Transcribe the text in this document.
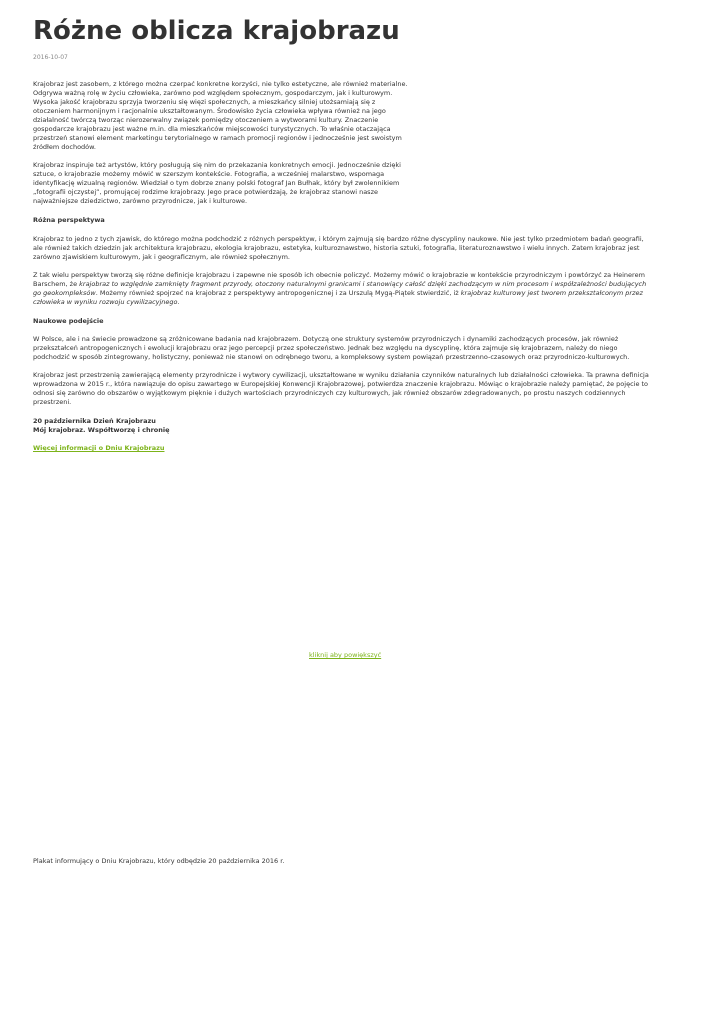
Różne oblicza krajobrazu
2016-10-07

Krajobraz jest zasobem, z którego można czerpać konkretne korzyści, nie tylko estetyczne, ale również materialne. Odgrywa ważną rolę w życiu człowieka, zarówno pod względem społecznym, gospodarczym, jak i kulturowym. Wysoka jakość krajobrazu sprzyja tworzeniu się więzi społecznych, a mieszkańcy silniej utożsamiają się z otoczeniem harmonijnym i racjonalnie ukształtowanym. Środowisko życia człowieka wpływa również na jego działalność twórczą tworząc nierozerwalny związek pomiędzy otoczeniem a wytworami kultury. Znaczenie gospodarcze krajobrazu jest ważne m.in. dla mieszkańców miejscowości turystycznych. To właśnie otaczająca przestrzeń stanowi element marketingu terytorialnego w ramach promocji regionów i jednocześnie jest swoistym źródłem dochodów.

Krajobraz inspiruje też artystów, który posługują się nim do przekazania konkretnych emocji. Jednocześnie dzięki sztuce, o krajobrazie możemy mówić w szerszym kontekście. Fotografia, a wcześniej malarstwo, wspomaga identyfikację wizualną regionów. Wiedział o tym dobrze znany polski fotograf Jan Bułhak, który był zwolennikiem „fotografii ojczystej”, promującej rodzime krajobrazy. Jego prace potwierdzają, że krajobraz stanowi nasze najważniejsze dziedzictwo, zarówno przyrodnicze, jak i kulturowe.

Różna perspektywa

Krajobraz to jedno z tych zjawisk, do którego można podchodzić z różnych perspektyw, i którym zajmują się bardzo różne dyscypliny naukowe. Nie jest tylko przedmiotem badań geografii, ale również takich dziedzin jak architektura krajobrazu, ekologia krajobrazu, estetyka, kulturoznawstwo, historia sztuki, fotografia, literaturoznawstwo i wielu innych. Zatem krajobraz jest zarówno zjawiskiem kulturowym, jak i geograficznym, ale również społecznym.

Z tak wielu perspektyw tworzą się różne definicje krajobrazu i zapewne nie sposób ich obecnie policzyć. Możemy mówić o krajobrazie w kontekście przyrodniczym i powtórzyć za Heinerem Barschem, że krajobraz to względnie zamknięty fragment przyrody, otoczony naturalnymi granicami i stanowiący całość dzięki zachodzącym w nim procesom i współzależności budujących go geokompleksów. Możemy również spojrzeć na krajobraz z perspektywy antropogenicznej i za Urszulą Mygą-Piątek stwierdzić, iż krajobraz kulturowy jest tworem przekształconym przez człowieka w wyniku rozwoju cywilizacyjnego.

Naukowe podejście

W Polsce, ale i na świecie prowadzone są zróżnicowane badania nad krajobrazem. Dotyczą one struktury systemów przyrodniczych i dynamiki zachodzących procesów, jak również przekształceń antropogenicznych i ewolucji krajobrazu oraz jego percepcji przez społeczeństwo. Jednak bez względu na dyscyplinę, która zajmuje się krajobrazem, należy do niego podchodzić w sposób zintegrowany, holistyczny, ponieważ nie stanowi on odrębnego tworu, a kompleksowy system powiązań przestrzenno-czasowych oraz przyrodniczo-kulturowych.

Krajobraz jest przestrzenią zawierającą elementy przyrodnicze i wytwory cywilizacji, ukształtowane w wyniku działania czynników naturalnych lub działalności człowieka. Ta prawna definicja wprowadzona w 2015 r., która nawiązuje do opisu zawartego w Europejskiej Konwencji Krajobrazowej, potwierdza znaczenie krajobrazu. Mówiąc o krajobrazie należy pamiętać, że pojęcie to odnosi się zarówno do obszarów o wyjątkowym pięknie i dużych wartościach przyrodniczych czy kulturowych, jak również obszarów zdegradowanych, po prostu naszych codziennych przestrzeni.

20 października Dzień Krajobrazu
Mój krajobraz. Współtworzę i chronię
Więcej informacji o Dniu Krajobrazu
kliknij aby powiększyć
Plakat informujący o Dniu Krajobrazu, który odbędzie 20 października 2016 r.
